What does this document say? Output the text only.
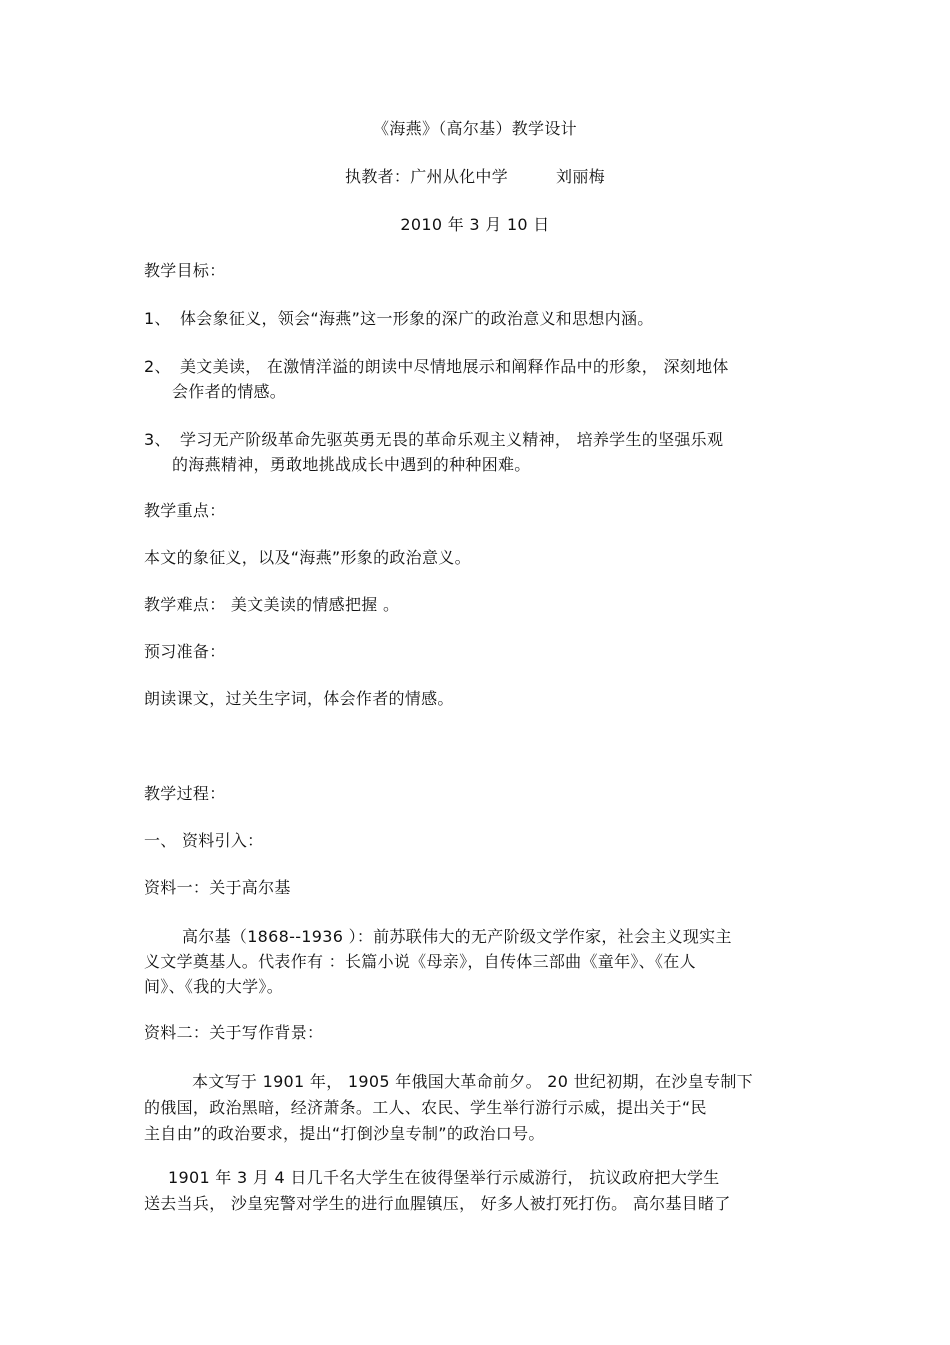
《海燕》（高尔基）教学设计
执教者：广州从化中学	刘丽梅
2010 年 3 月 10 日
教学目标：
1、 体会象征义，领会“海燕”这一形象的深广的政治意义和思想内涵。
2、 美文美读， 在激情洋溢的朗读中尽情地展示和阐释作品中的形象， 深刻地体
会作者的情感。
3、 学习无产阶级革命先驱英勇无畏的革命乐观主义精神， 培养学生的坚强乐观
的海燕精神，勇敢地挑战成长中遇到的种种困难。
教学重点：
本文的象征义，以及“海燕”形象的政治意义。
教学难点： 美文美读的情感把握 。
预习准备：
朗读课文，过关生字词，体会作者的情感。
教学过程：
一、 资料引入：
资料一：关于高尔基
高尔基（1868--1936 ）：前苏联伟大的无产阶级文学作家，社会主义现实主
义文学奠基人。代表作有 ：长篇小说《母亲》，自传体三部曲《童年》、《在人
间》、《我的大学》。
资料二：关于写作背景：
本文写于 1901 年， 1905 年俄国大革命前夕。 20 世纪初期，在沙皇专制下
的俄国，政治黑暗，经济萧条。工人、农民、学生举行游行示威，提出关于“民
主自由”的政治要求，提出“打倒沙皇专制”的政治口号。
1901 年 3 月 4 日几千名大学生在彼得堡举行示威游行， 抗议政府把大学生
送去当兵， 沙皇宪警对学生的进行血腥镇压， 好多人被打死打伤。 高尔基目睹了
